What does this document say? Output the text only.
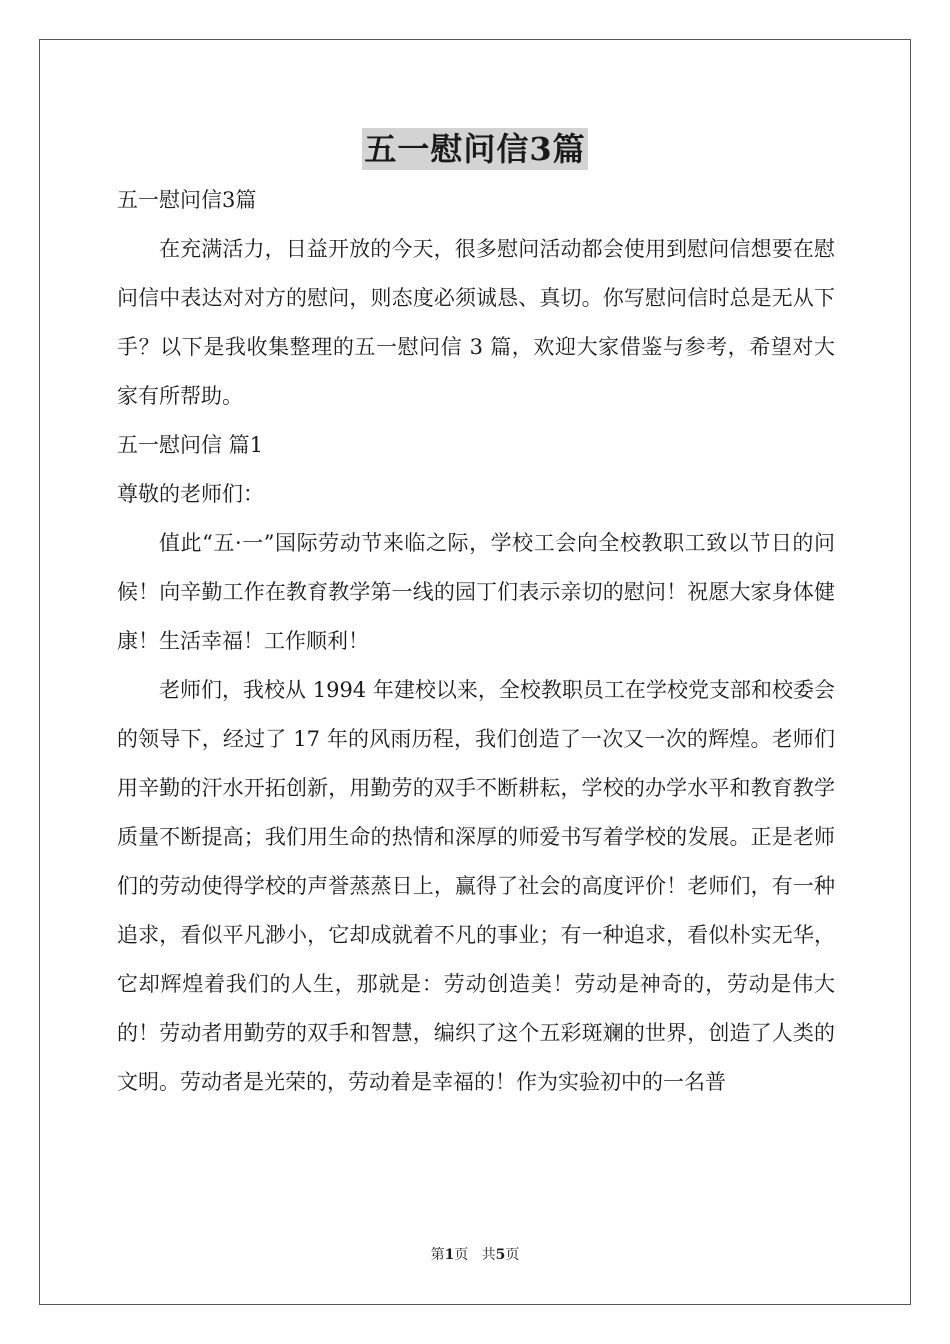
五一慰问信3篇

五一慰问信3篇

在充满活力，日益开放的今天，很多慰问活动都会使用到慰问信想要在慰问信中表达对对方的慰问，则态度必须诚恳、真切。你写慰问信时总是无从下手？以下是我收集整理的五一慰问信 3 篇，欢迎大家借鉴与参考，希望对大家有所帮助。

五一慰问信 篇1

尊敬的老师们：

值此“五·一”国际劳动节来临之际，学校工会向全校教职工致以节日的问候！向辛勤工作在教育教学第一线的园丁们表示亲切的慰问！祝愿大家身体健康！生活幸福！工作顺利！

老师们，我校从 1994 年建校以来，全校教职员工在学校党支部和校委会的领导下，经过了 17 年的风雨历程，我们创造了一次又一次的辉煌。老师们用辛勤的汗水开拓创新，用勤劳的双手不断耕耘，学校的办学水平和教育教学质量不断提高；我们用生命的热情和深厚的师爱书写着学校的发展。正是老师们的劳动使得学校的声誉蒸蒸日上，赢得了社会的高度评价！老师们，有一种追求，看似平凡渺小，它却成就着不凡的事业；有一种追求，看似朴实无华，它却辉煌着我们的人生，那就是：劳动创造美！劳动是神奇的，劳动是伟大的！劳动者用勤劳的双手和智慧，编织了这个五彩斑斓的世界，创造了人类的文明。劳动者是光荣的，劳动着是幸福的！作为实验初中的一名普

第1页 共5页
